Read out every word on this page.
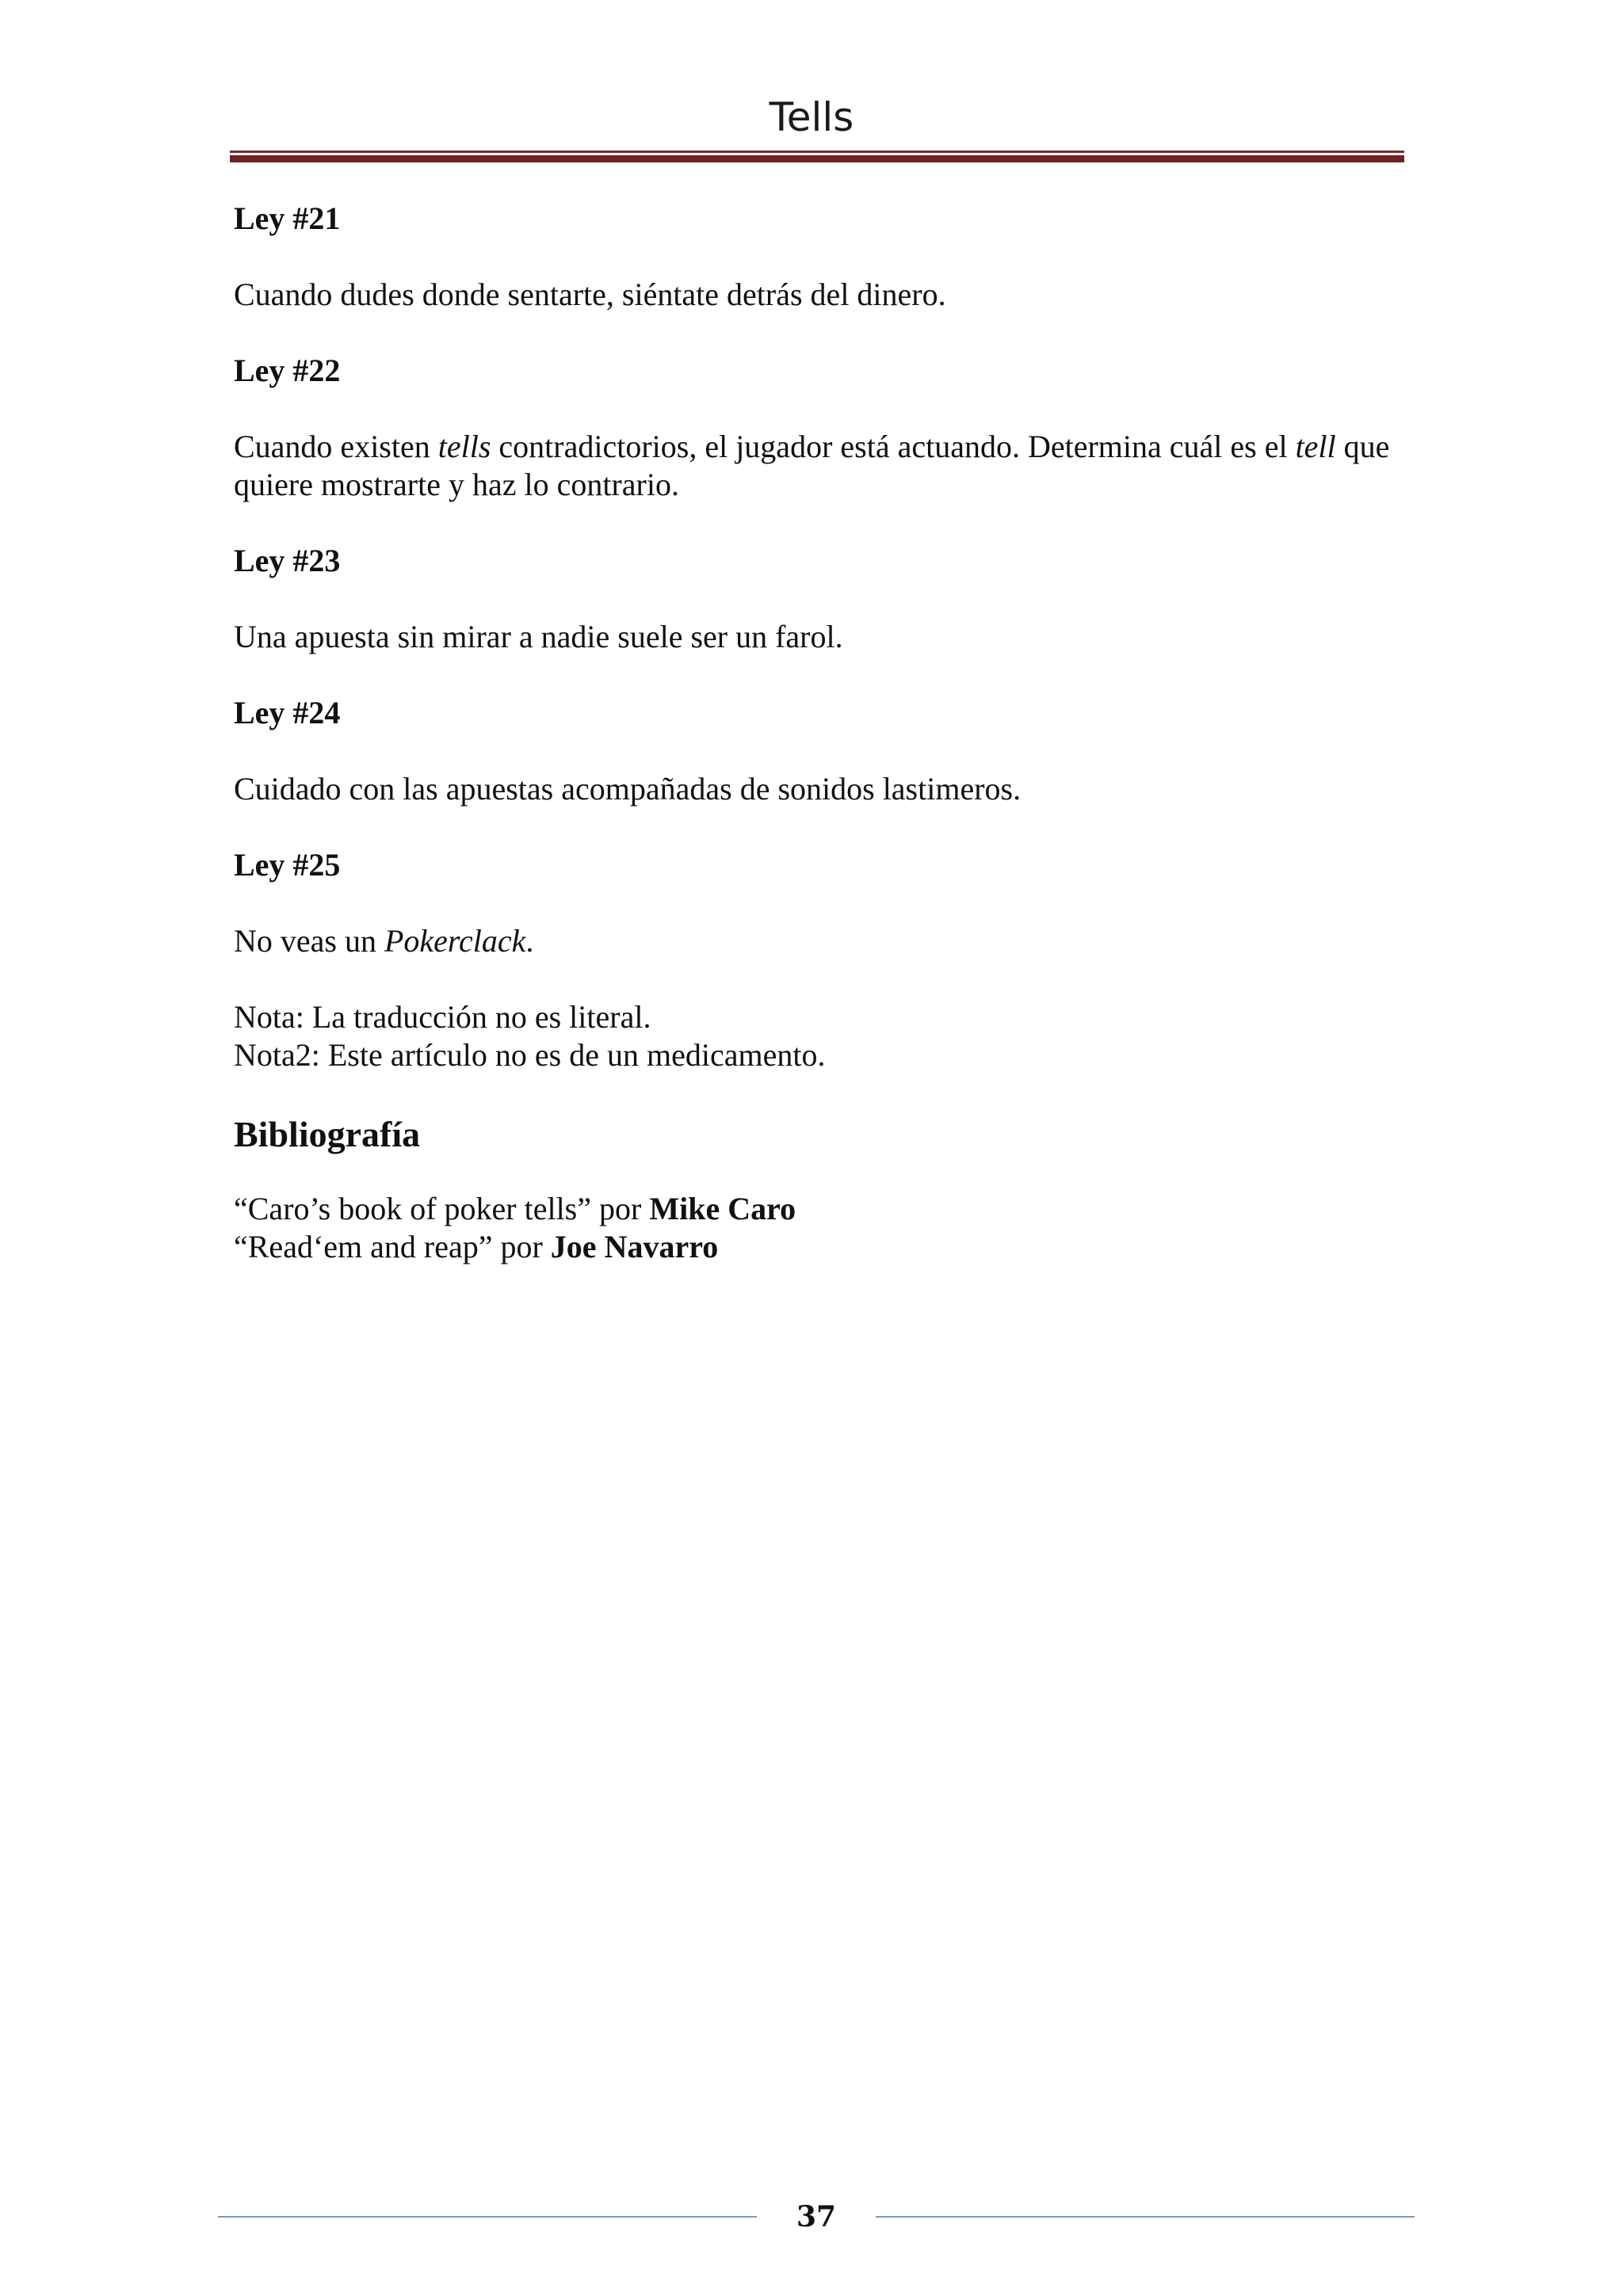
Tells

Ley #21

Cuando dudes donde sentarte, siéntate detrás del dinero.

Ley #22

Cuando existen tells contradictorios, el jugador está actuando. Determina cuál es el tell que quiere mostrarte y haz lo contrario.

Ley #23

Una apuesta sin mirar a nadie suele ser un farol.

Ley #24

Cuidado con las apuestas acompañadas de sonidos lastimeros.

Ley #25

No veas un Pokerclack.

Nota: La traducción no es literal.

Nota2: Este artículo no es de un medicamento.

Bibliografía

“Caro’s book of poker tells” por Mike Caro

“Read‘em and reap” por Joe Navarro

37
